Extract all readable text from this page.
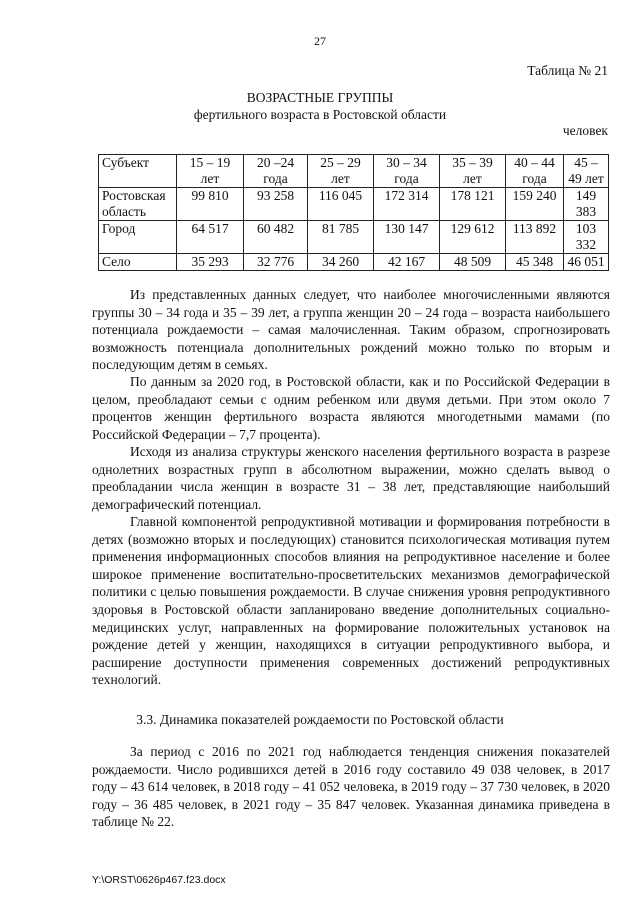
27
Таблица № 21
ВОЗРАСТНЫЕ ГРУППЫ
фертильного возраста в Ростовской области
человек
Субъект	15 – 19 лет	20 –24 года	25 – 29 лет	30 – 34 года	35 – 39 лет	40 – 44 года	45 – 49 лет
Ростовская область	99 810	93 258	116 045	172 314	178 121	159 240	149 383
Город	64 517	60 482	81 785	130 147	129 612	113 892	103 332
Село	35 293	32 776	34 260	42 167	48 509	45 348	46 051

Из представленных данных следует, что наиболее многочисленными являются группы 30 – 34 года и 35 – 39 лет, а группа женщин 20 – 24 года – возраста наибольшего потенциала рождаемости – самая малочисленная. Таким образом, спрогнозировать возможность потенциала дополнительных рождений можно только по вторым и последующим детям в семьях.

По данным за 2020 год, в Ростовской области, как и по Российской Федерации в целом, преобладают семьи с одним ребенком или двумя детьми. При этом около 7 процентов женщин фертильного возраста являются многодетными мамами (по Российской Федерации – 7,7 процента).

Исходя из анализа структуры женского населения фертильного возраста в разрезе однолетних возрастных групп в абсолютном выражении, можно сделать вывод о преобладании числа женщин в возрасте 31 – 38 лет, представляющие наибольший демографический потенциал.

Главной компонентой репродуктивной мотивации и формирования потребности в детях (возможно вторых и последующих) становится психологическая мотивация путем применения информационных способов влияния на репродуктивное население и более широкое применение воспитательно-просветительских механизмов демографической политики с целью повышения рождаемости. В случае снижения уровня репродуктивного здоровья в Ростовской области запланировано введение дополнительных социально-медицинских услуг, направленных на формирование положительных установок на рождение детей у женщин, находящихся в ситуации репродуктивного выбора, и расширение доступности применения современных достижений репродуктивных технологий.

3.3. Динамика показателей рождаемости по Ростовской области

За период с 2016 по 2021 год наблюдается тенденция снижения показателей рождаемости. Число родившихся детей в 2016 году составило 49 038 человек, в 2017 году – 43 614 человек, в 2018 году – 41 052 человека, в 2019 году – 37 730 человек, в 2020 году – 36 485 человек, в 2021 году – 35 847 человек. Указанная динамика приведена в таблице № 22.

Y:\ORST\0626p467.f23.docx
